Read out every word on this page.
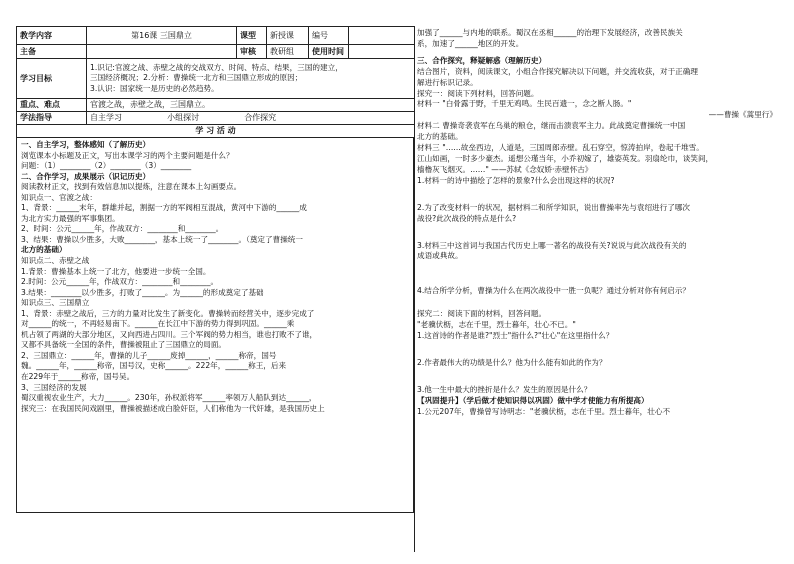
教学内容	第16课 三国鼎立	课型	新授课	编号	
主备		审核	教研组	使用时间	
学习目标	1.识记:官渡之战、赤壁之战的交战双方、时间、特点、结果，三国的建立，
三国经济概况；2.分析：曹操统一北方和三国鼎立形成的原因；
3.认识：国家统一是历史的必然趋势。				

重点、难点	官渡之战，赤壁之战，三国鼎立。				
学法指导	自主学习 小组探讨 合作探究				
学 习 活 动					
一、自主学习，整体感知（了解历史）
浏览课本小标题及正文，写出本课学习的两个主要问题是什么？
问题：（1）________（2）________（3）________
二、合作学习，成果展示（识记历史）
阅读教材正文，找到有效信息加以提炼，注意在课本上勾画要点。
知识点一、官渡之战：
1、背景：______末年，群雄并起，割据一方的军阀相互混战，黄河中下游的______成
为北方实力最强的军事集团。
2、时间：公元______年，作战双方：________和________。
3、结果：曹操以少胜多，大败________，基本上统一了________。（奠定了曹操统一
北方的基础）
知识点二、赤壁之战
1.背景：曹操基本上统一了北方，他要进一步统一全国。
2.时间：公元______年，作战双方：________和________。
3.结果：________以少胜多，打败了______。为______的形成奠定了基础
知识点三、三国鼎立
1、背景：赤壁之战后，三方的力量对比发生了新变化。曹操转而经营关中，逐步完成了
对______的统一，不再轻易南下。______在长江中下游的势力得到巩固。______乘
机占领了两湖的大部分地区，又向西进占四川。三个军阀的势力相当，谁也打败不了谁，
又都不具备统一全国的条件，曹操被阻止了三国鼎立的局面。
2、三国鼎立：______年，曹操的儿子______废掉______，______称帝，国号
魏。______年，______称帝，国号汉，史称______。222年，______称王，后来
在229年于______称帝，国号吴。
3、三国经济的发展
蜀汉重视农业生产，大力______。230年，孙权派将军______率领万人船队到达______，
探究三：在我国民间戏剧里，曹操被描述成白脸奸臣，人们称他为一代奸雄，是我国历史上
加强了______与内地的联系。蜀汉在丞相______的治理下发展经济，改善民族关
系，加速了______地区的开发。
三、合作探究，释疑解惑（理解历史）
结合图片，资料，阅读课文，小组合作探究解决以下问题，并交流收获，对于正确理
解进行标识记录。
探究一：阅读下列材料，回答问题。
材料一 "白骨露于野，千里无鸡鸣。生民百遗一，念之断人肠。"
——曹操《蒿里行》
材料二 曹操奇袭袁军在乌巢的粮仓，继而击溃袁军主力。此战奠定曹操统一中国
北方的基础。
材料三 "……故垒西边，人道是，三国周郎赤壁。乱石穿空，惊涛拍岸，卷起千堆雪。
江山如画，一时多少豪杰。遥想公瑾当年，小乔初嫁了，雄姿英发。羽扇纶巾，谈笑间，
樯橹灰飞烟灭。……" ——苏轼《念奴娇·赤壁怀古》
1.材料一的诗中描绘了怎样的景象?什么会出现这样的状况?
2.为了改变材料一的状况，据材料二和所学知识，说出曹操率先与袁绍进行了哪次
战役?此次战役的特点是什么?
3.材料三中这首词与我国古代历史上哪一著名的战役有关?说说与此次战役有关的
成语或典故。
4.结合所学分析，曹操为什么在两次战役中一胜一负呢？通过分析对你有何启示？
探究二：阅读下面的材料，回答问题。
"老骥伏枥，志在千里，烈士暮年，壮心不已。"
1.这首诗的作者是谁?"烈士"指什么?"壮心"在这里指什么？
2.作者最伟大的功绩是什么？他为什么能有如此的作为？
3.他一生中最大的挫折是什么？发生的原因是什么？
【巩固提升】（学后做才使知识得以巩固）做中学才使能力有所提高）
1.公元207年，曹操曾写诗明志："老骥伏枥，志在千里。烈士暮年，壮心不
